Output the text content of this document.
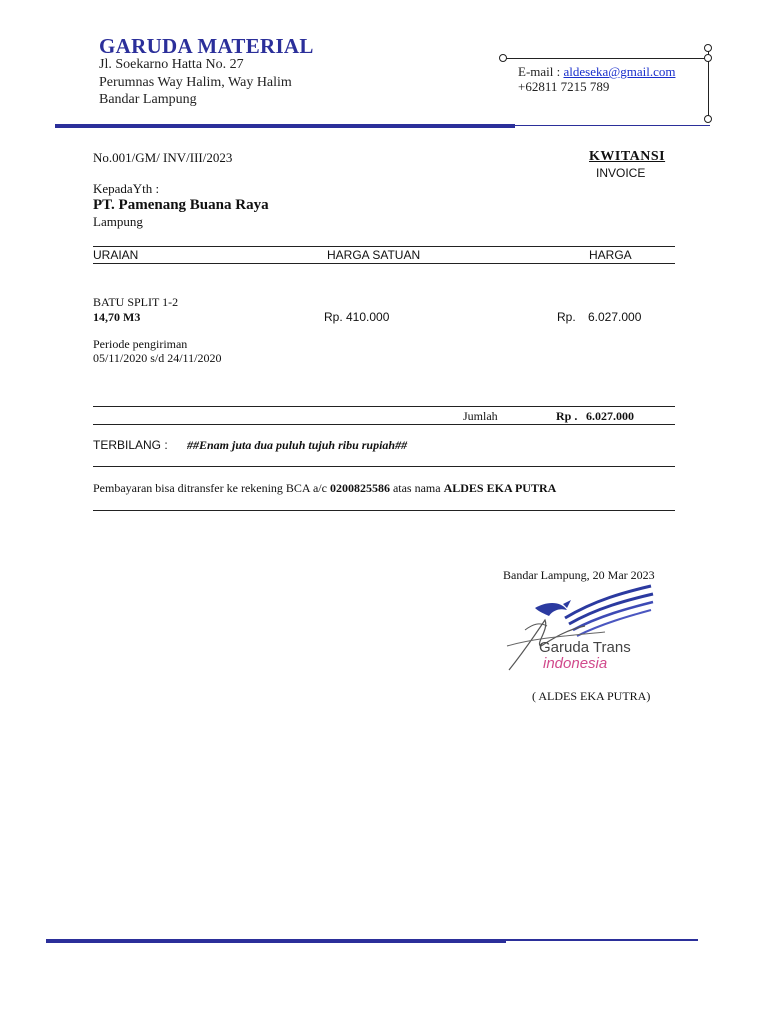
GARUDA MATERIAL
Jl. Soekarno Hatta No. 27
Perumnas Way Halim, Way Halim
Bandar Lampung
E-mail : aldeseka@gmail.com
+62811 7215 789
No.001/GM/ INV/III/2023	KWITANSI
INVOICE
KepadaYth :
PT. Pamenang Buana Raya
Lampung
URAIAN	HARGA SATUAN	HARGA
BATU SPLIT 1-2
14,70 M3	Rp. 410.000	Rp. 6.027.000
Periode pengiriman
05/11/2020 s/d 24/11/2020
Jumlah	Rp . 6.027.000
TERBILANG : ##Enam juta dua puluh tujuh ribu rupiah##
Pembayaran bisa ditransfer ke rekening BCA a/c 0200825586 atas nama ALDES EKA PUTRA
Bandar Lampung, 20 Mar 2023
Garuda Trans
indonesia
( ALDES EKA PUTRA)
